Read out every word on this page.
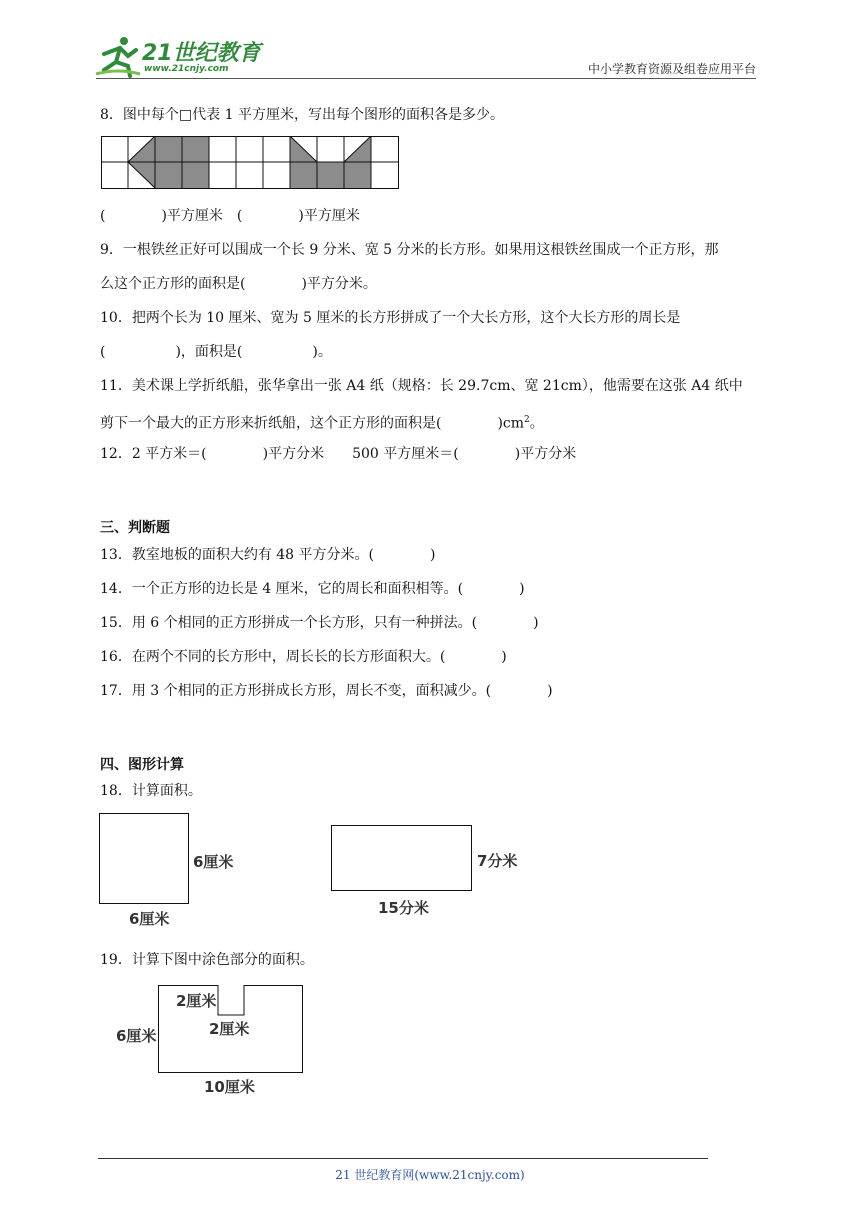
21世纪教育
www.21cnjy.com	中小学教育资源及组卷应用平台
8．图中每个□代表 1 平方厘米，写出每个图形的面积各是多少。
(　　　　)平方厘米　(　　　　)平方厘米
9．一根铁丝正好可以围成一个长 9 分米、宽 5 分米的长方形。如果用这根铁丝围成一个正方形，那
么这个正方形的面积是(　　　　)平方分米。
10．把两个长为 10 厘米、宽为 5 厘米的长方形拼成了一个大长方形，这个大长方形的周长是
(　　　　　)，面积是(　　　　　)。
11．美术课上学折纸船，张华拿出一张 A4 纸（规格：长 29.7cm、宽 21cm），他需要在这张 A4 纸中
剪下一个最大的正方形来折纸船，这个正方形的面积是(　　　　)$cm^2$。
12．2 平方米＝(　　　　)平方分米　　500 平方厘米＝(　　　　)平方分米
三、判断题
13．教室地板的面积大约有 48 平方分米。(　　　　)
14．一个正方形的边长是 4 厘米，它的周长和面积相等。(　　　　)
15．用 6 个相同的正方形拼成一个长方形，只有一种拼法。(　　　　)
16．在两个不同的长方形中，周长长的长方形面积大。(　　　　)
17．用 3 个相同的正方形拼成长方形，周长不变，面积减少。(　　　　)
四、图形计算
18．计算面积。
6厘米
6厘米
7分米
15分米
19．计算下图中涂色部分的面积。
6厘米
2厘米
2厘米
10厘米
21 世纪教育网(www.21cnjy.com)
